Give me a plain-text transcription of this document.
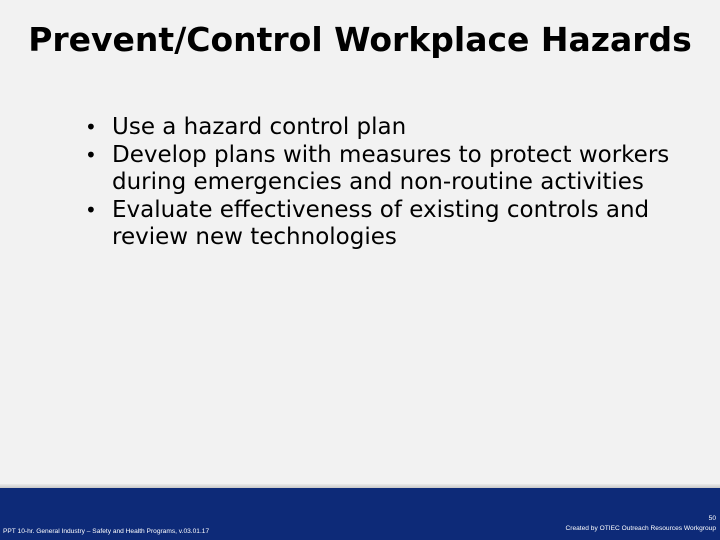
Prevent/Control Workplace Hazards
• Use a hazard control plan
• Develop plans with measures to protect workers during emergencies and non-routine activities
• Evaluate effectiveness of existing controls and review new technologies
PPT 10-hr. General Industry – Safety and Health Programs, v.03.01.17
50
Created by OTIEC Outreach Resources Workgroup
